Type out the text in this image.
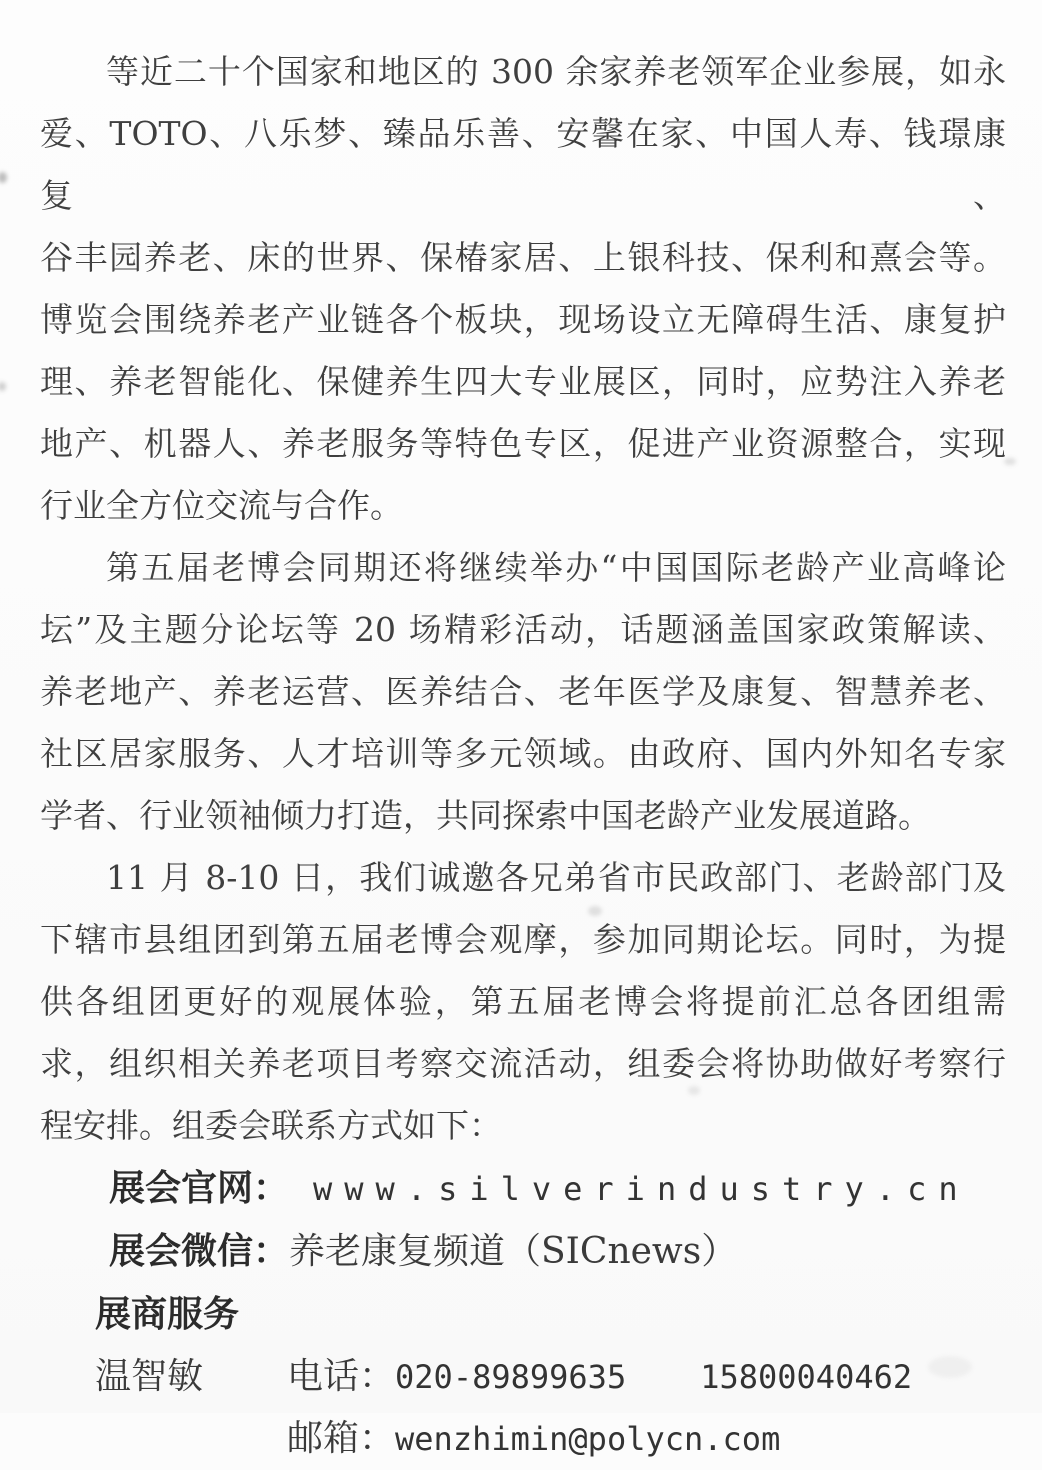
等近二十个国家和地区的 300 余家养老领军企业参展，如永
爱、TOTO、八乐梦、臻品乐善、安馨在家、中国人寿、钱璟康复、
谷丰园养老、床的世界、保椿家居、上银科技、保利和熹会等。
博览会围绕养老产业链各个板块，现场设立无障碍生活、康复护
理、养老智能化、保健养生四大专业展区，同时，应势注入养老
地产、机器人、养老服务等特色专区，促进产业资源整合，实现
行业全方位交流与合作。
第五届老博会同期还将继续举办“中国国际老龄产业高峰论
坛”及主题分论坛等 20 场精彩活动，话题涵盖国家政策解读、
养老地产、养老运营、医养结合、老年医学及康复、智慧养老、
社区居家服务、人才培训等多元领域。由政府、国内外知名专家
学者、行业领袖倾力打造，共同探索中国老龄产业发展道路。
11 月 8-10 日，我们诚邀各兄弟省市民政部门、老龄部门及
下辖市县组团到第五届老博会观摩，参加同期论坛。同时，为提
供各组团更好的观展体验，第五届老博会将提前汇总各团组需
求，组织相关养老项目考察交流活动，组委会将协助做好考察行
程安排。组委会联系方式如下：
展会官网： www.silverindustry.cn
展会微信：养老康复频道（SICnews）
展商服务
温智敏 电话：020-89899635 15800040462
邮箱：wenzhimin@polycn.com
